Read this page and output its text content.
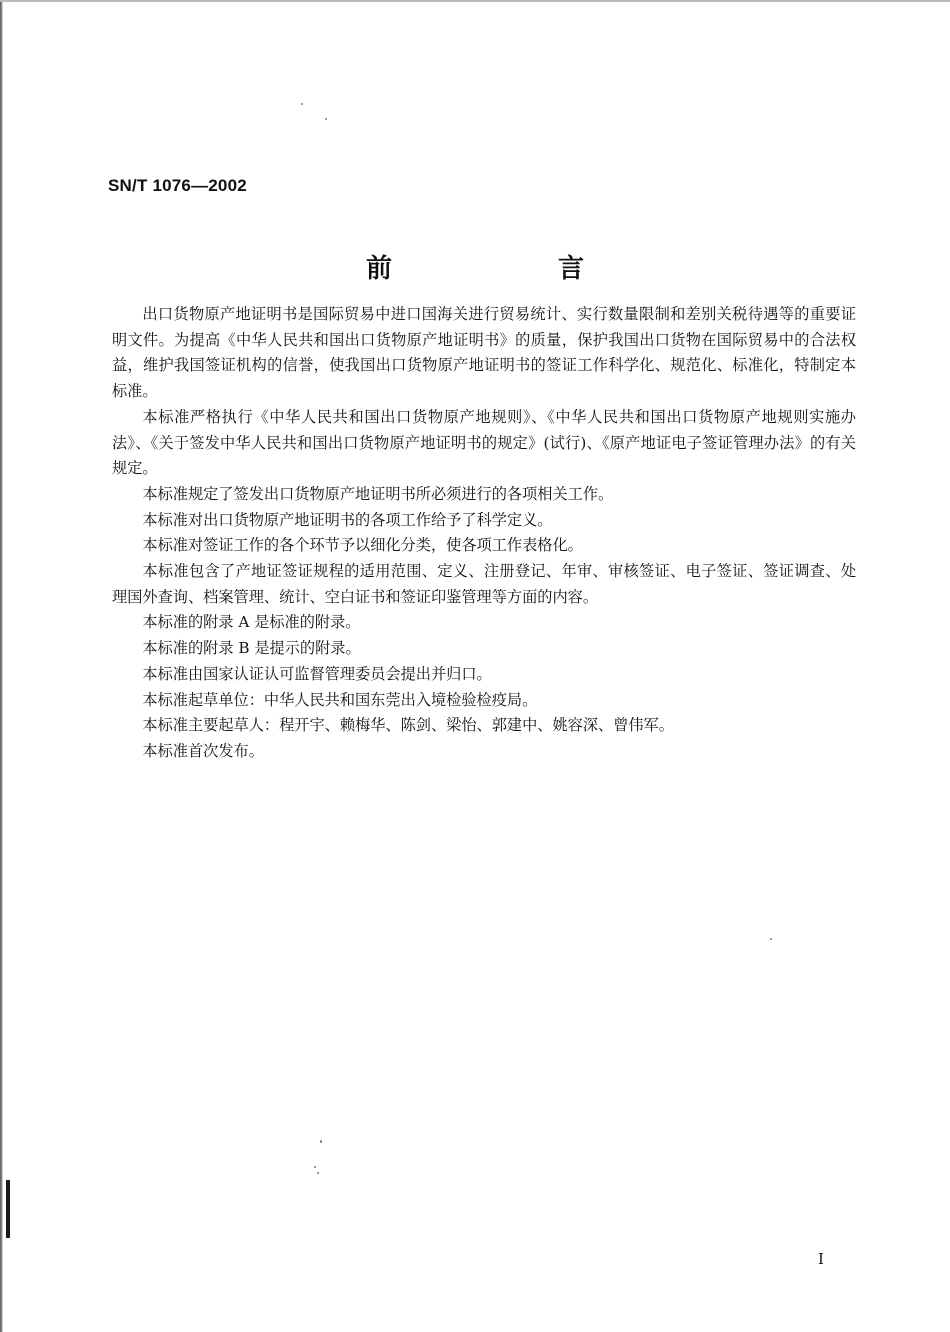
SN/T 1076—2002
前　言

出口货物原产地证明书是国际贸易中进口国海关进行贸易统计、实行数量限制和差别关税待遇等的重要证明文件。为提高《中华人民共和国出口货物原产地证明书》的质量，保护我国出口货物在国际贸易中的合法权益，维护我国签证机构的信誉，使我国出口货物原产地证明书的签证工作科学化、规范化、标准化，特制定本标准。

本标准严格执行《中华人民共和国出口货物原产地规则》、《中华人民共和国出口货物原产地规则实施办法》、《关于签发中华人民共和国出口货物原产地证明书的规定》(试行)、《原产地证电子签证管理办法》的有关规定。

本标准规定了签发出口货物原产地证明书所必须进行的各项相关工作。

本标准对出口货物原产地证明书的各项工作给予了科学定义。

本标准对签证工作的各个环节予以细化分类，使各项工作表格化。

本标准包含了产地证签证规程的适用范围、定义、注册登记、年审、审核签证、电子签证、签证调查、处理国外查询、档案管理、统计、空白证书和签证印鉴管理等方面的内容。

本标准的附录 A 是标准的附录。

本标准的附录 B 是提示的附录。

本标准由国家认证认可监督管理委员会提出并归口。

本标准起草单位：中华人民共和国东莞出入境检验检疫局。

本标准主要起草人：程开宇、赖梅华、陈剑、梁怡、郭建中、姚容深、曾伟军。

本标准首次发布。

I
